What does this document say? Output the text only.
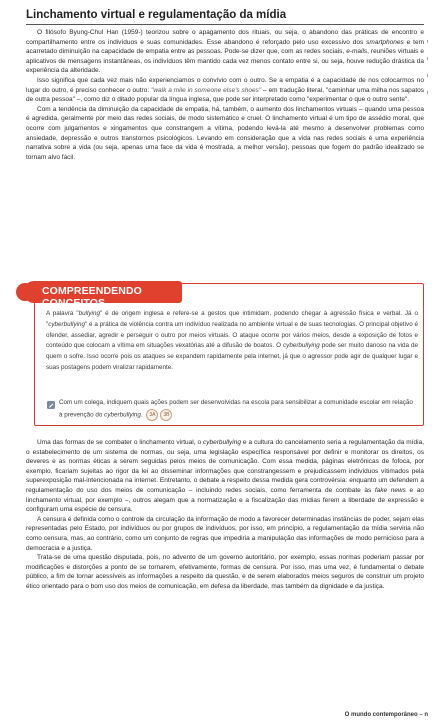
Linchamento virtual e regulamentação da mídia

O filósofo Byung-Chul Han (1959-) teorizou sobre o apagamento dos rituais, ou seja, o abandono das práticas de encontro e compartilhamento entre os indivíduos e suas comunidades. Esse abandono é reforçado pelo uso excessivo dos smartphones e tem acarretado diminuição na capacidade de empatia entre as pessoas. Pode-se dizer que, com as redes sociais, e-mails, reuniões virtuais e aplicativos de mensagens instantâneas, os indivíduos têm mantido cada vez menos contato entre si, ou seja, houve redução drástica da experiência da alteridade.

Isso significa que cada vez mais não experienciamos o convívio com o outro. Se a empatia é a capacidade de nos colocarmos no lugar do outro, é preciso conhecer o outro: "walk a mile in someone else's shoes" – em tradução literal, "caminhar uma milha nos sapatos de outra pessoa" –, como diz o ditado popular da língua inglesa, que pode ser interpretado como "experimentar o que o outro sente".

Com a tendência da diminuição da capacidade de empatia, há, também, o aumento dos linchamentos virtuais – quando uma pessoa é agredida, geralmente por meio das redes sociais, de modo sistemático e cruel. O linchamento virtual é um tipo de assédio moral, que ocorre com julgamentos e xingamentos que constrangem a vítima, podendo levá-la até mesmo a desenvolver problemas como ansiedade, depressão e outros transtornos psicológicos. Levando em consideração que a vida nas redes sociais é uma experiência narrativa sobre a vida (ou seja, apenas uma face da vida é mostrada, a melhor versão), pessoas que fogem do padrão idealizado se tornam alvo fácil.

COMPREENDENDO CONCEITOS
A palavra "bullying" é de origem inglesa e refere-se a gestos que intimidam, podendo chegar à agressão física e verbal. Já o "cyberbullying" é a prática de violência contra um indivíduo realizada no ambiente virtual e de suas tecnologias. O principal objetivo é ofender, assediar, agredir e perseguir o outro por meios virtuais. O ataque ocorre por vários meios, desde a exposição de fotos e conteúdo que colocam a vítima em situações vexatórias até a difusão de boatos. O cyberbullying pode ser muito danoso na vida de quem o sofre. Isso ocorre pois os ataques se expandem rapidamente pela internet, já que o agressor pode agir de qualquer lugar e suas postagens podem viralizar rapidamente.
Com um colega, indiquem quais ações podem ser desenvolvidas na escola para sensibilizar a comunidade escolar em relação à prevenção do cyberbullying. 3A 3B

Uma das formas de se combater o linchamento virtual, o cyberbullying e a cultura do cancelamento seria a regulamentação da mídia, o estabelecimento de um sistema de normas, ou seja, uma legislação específica responsável por definir e monitorar os direitos, os deveres e as normas éticas a serem seguidas pelos meios de comunicação. Com essa medida, páginas eletrônicas de fofoca, por exemplo, ficariam sujeitas ao rigor da lei ao disseminar informações que constrangessem e prejudicassem indivíduos vítimados pela superexposição mal-intencionada na internet. Entretanto, o debate a respeito dessa medida gera controvérsia: enquanto um defendem a regulamentação do uso dos meios de comunicação – incluindo redes sociais, como ferramenta de combate às fake news e ao linchamento virtual, por exemplo –, outros alegam que a normatização e a fiscalização das mídias ferem a liberdade de expressão e configuram uma espécie de censura.

A censura é definida como o controle da circulação da informação de modo a favorecer determinadas instâncias de poder, sejam elas representadas pelo Estado, por indivíduos ou por grupos de indivíduos, por isso, em princípio, a regulamentação da mídia serviria não como censura, mas, ao contrário, como um conjunto de regras que impediria a manipulação das informações de modo pernicioso para a democracia e a justiça.

Trata-se de uma questão disputada, pois, no advento de um governo autoritário, por exemplo, essas normas poderiam passar por modificações e distorções a ponto de se tornarem, efetivamente, formas de censura. Por isso, mas uma vez, é fundamental o debate público, a fim de tornar acessíveis as informações a respeito da questão, e de serem elaborados meios seguros de construir um projeto ético orientado para o bom uso dos meios de comunicação, em defesa da liberdade, mas também da dignidade e da justiça.

O mundo contemporâneo – n
